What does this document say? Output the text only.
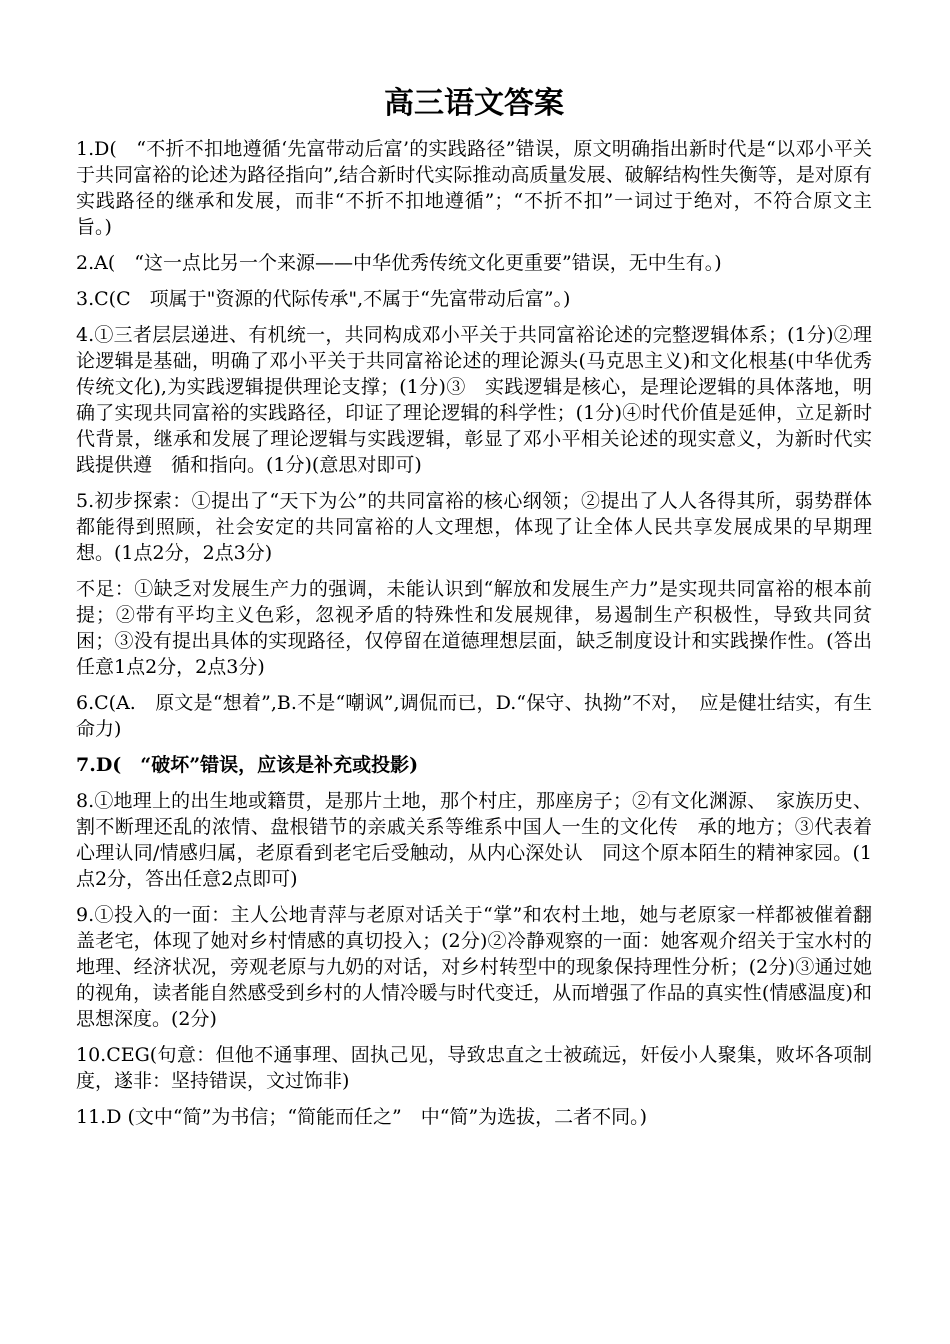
高三语文答案

1.D(　“不折不扣地遵循‘先富带动后富’的实践路径”错误，原文明确指出新时代是“以邓小平关于共同富裕的论述为路径指向”,结合新时代实际推动高质量发展、破解结构性失衡等，是对原有实践路径的继承和发展，而非“不折不扣地遵循”；“不折不扣”一词过于绝对，不符合原文主旨。)

2.A(　“这一点比另一个来源——中华优秀传统文化更重要”错误，无中生有。)

3.C(C　项属于"资源的代际传承",不属于“先富带动后富”。)

4.①三者层层递进、有机统一，共同构成邓小平关于共同富裕论述的完整逻辑体系；(1分)②理论逻辑是基础，明确了邓小平关于共同富裕论述的理论源头(马克思主义)和文化根基(中华优秀传统文化),为实践逻辑提供理论支撑；(1分)③　实践逻辑是核心，是理论逻辑的具体落地，明确了实现共同富裕的实践路径，印证了理论逻辑的科学性；(1分)④时代价值是延伸，立足新时代背景，继承和发展了理论逻辑与实践逻辑，彰显了邓小平相关论述的现实意义，为新时代实践提供遵　循和指向。(1分)(意思对即可)

5.初步探索：①提出了“天下为公”的共同富裕的核心纲领；②提出了人人各得其所，弱势群体都能得到照顾，社会安定的共同富裕的人文理想，体现了让全体人民共享发展成果的早期理想。(1点2分，2点3分)

不足：①缺乏对发展生产力的强调，未能认识到“解放和发展生产力”是实现共同富裕的根本前提；②带有平均主义色彩，忽视矛盾的特殊性和发展规律，易遏制生产积极性，导致共同贫困；③没有提出具体的实现路径，仅停留在道德理想层面，缺乏制度设计和实践操作性。(答出任意1点2分，2点3分)

6.C(A.　原文是“想着”,B.不是“嘲讽”,调侃而已，D.“保守、执拗”不对，　应是健壮结实，有生命力)

7.D(　“破坏”错误，应该是补充或投影)

8.①地理上的出生地或籍贯，是那片土地，那个村庄，那座房子；②有文化渊源、　家族历史、割不断理还乱的浓情、盘根错节的亲戚关系等维系中国人一生的文化传　承的地方；③代表着心理认同/情感归属，老原看到老宅后受触动，从内心深处认　同这个原本陌生的精神家园。(1点2分，答出任意2点即可)

9.①投入的一面：主人公地青萍与老原对话关于“掌”和农村土地，她与老原家一样都被催着翻盖老宅，体现了她对乡村情感的真切投入；(2分)②冷静观察的一面：她客观介绍关于宝水村的地理、经济状况，旁观老原与九奶的对话，对乡村转型中的现象保持理性分析；(2分)③通过她的视角，读者能自然感受到乡村的人情冷暖与时代变迁，从而增强了作品的真实性(情感温度)和思想深度。(2分)

10.CEG(句意：但他不通事理、固执己见，导致忠直之士被疏远，奸佞小人聚集，败坏各项制度，遂非：坚持错误，文过饰非)

11.D (文中“简”为书信；“简能而任之”　中“简”为选拔，二者不同。)
